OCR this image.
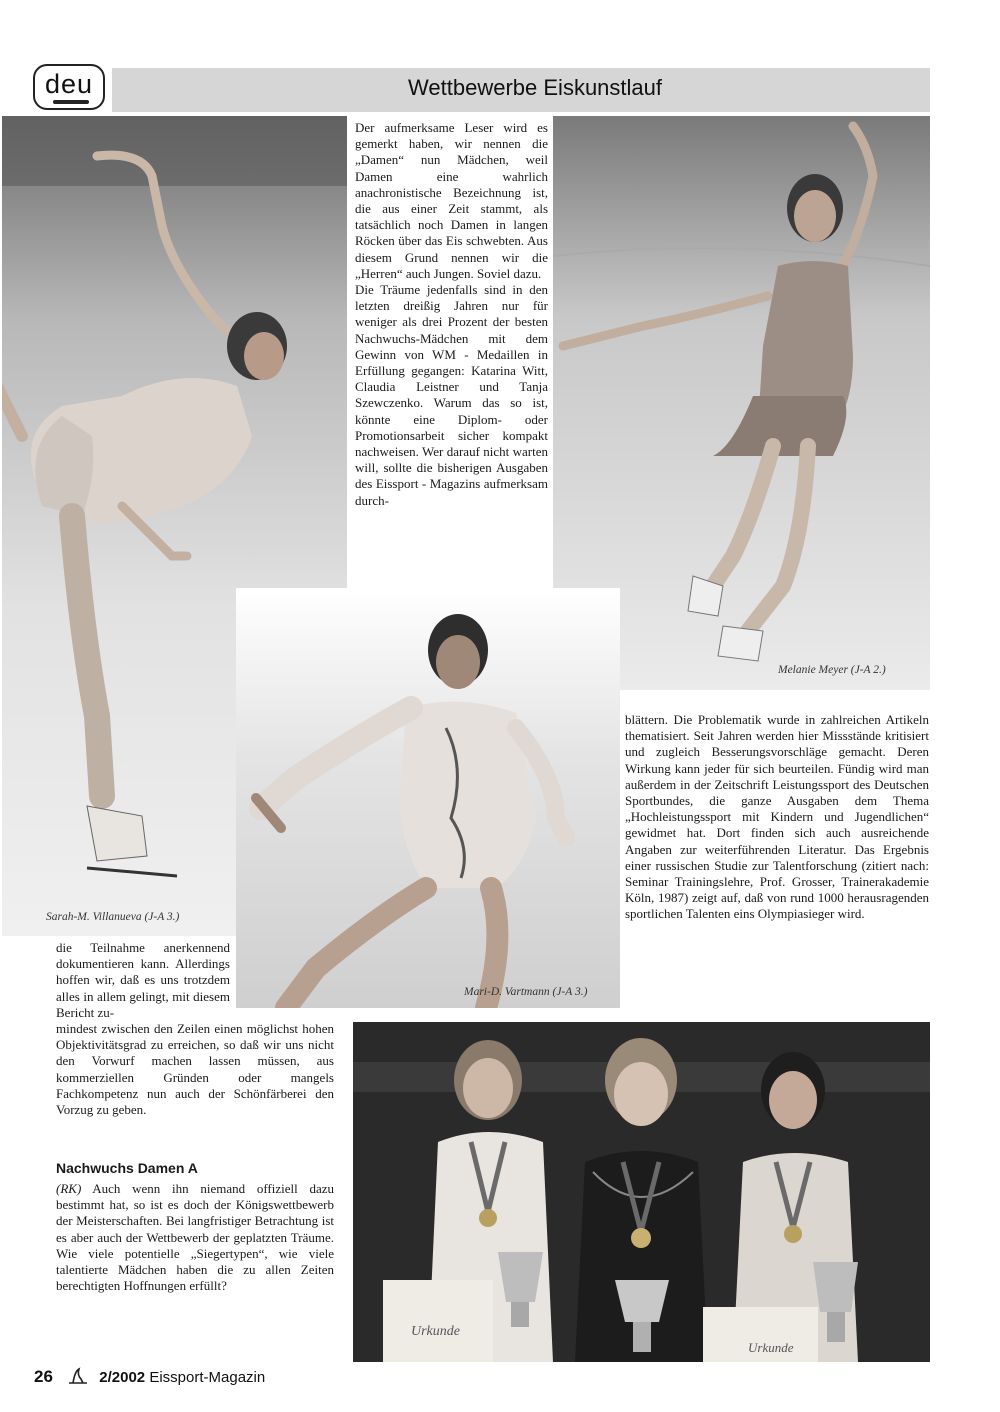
deu	Wettbewerbe Eiskunstlauf
Sarah-M. Villanueva (J-A 3.)
Melanie Meyer (J-A 2.)
Mari-D. Vartmann (J-A 3.)
Urkunde
Urkunde

Der aufmerksame Leser wird es gemerkt haben, wir nennen die „Damen“ nun Mädchen, weil Damen eine wahrlich anachronistische Bezeichnung ist, die aus einer Zeit stammt, als tatsächlich noch Damen in langen Röcken über das Eis schwebten. Aus diesem Grund nennen wir die „Herren“ auch Jungen. Soviel dazu.

Die Träume jedenfalls sind in den letzten dreißig Jahren nur für weniger als drei Prozent der besten Nachwuchs-Mädchen mit dem Gewinn von WM - Medaillen in Erfüllung gegangen: Katarina Witt, Claudia Leistner und Tanja Szewczenko. Warum das so ist, könnte eine Diplom- oder Promotionsarbeit sicher kompakt nachweisen. Wer darauf nicht warten will, sollte die bisherigen Ausgaben des Eissport - Magazins aufmerksam durch-

blättern. Die Problematik wurde in zahlreichen Artikeln thematisiert. Seit Jahren werden hier Missstände kritisiert und zugleich Besserungsvorschläge gemacht. Deren Wirkung kann jeder für sich beurteilen. Fündig wird man außerdem in der Zeitschrift Leistungssport des Deutschen Sportbundes, die ganze Ausgaben dem Thema „Hochleistungssport mit Kindern und Jugendlichen“ gewidmet hat. Dort finden sich auch ausreichende Angaben zur weiterführenden Literatur. Das Ergebnis einer russischen Studie zur Talentforschung (zitiert nach: Seminar Trainingslehre, Prof. Grosser, Trainerakademie Köln, 1987) zeigt auf, daß von rund 1000 herausragenden sportlichen Talenten eins Olympiasieger wird.

die Teilnahme anerkennend dokumentieren kann. Allerdings hoffen wir, daß es uns trotzdem alles in allem gelingt, mit diesem Bericht zu-

mindest zwischen den Zeilen einen möglichst hohen Objektivitätsgrad zu erreichen, so daß wir uns nicht den Vorwurf machen lassen müssen, aus kommerziellen Gründen oder mangels Fachkompetenz nun auch der Schönfärberei den Vorzug zu geben.

Nachwuchs Damen A

(RK) Auch wenn ihn niemand offiziell dazu bestimmt hat, so ist es doch der Königswettbewerb der Meisterschaften. Bei langfristiger Betrachtung ist es aber auch der Wettbewerb der geplatzten Träume. Wie viele potentielle „Siegertypen“, wie viele talentierte Mädchen haben die zu allen Zeiten berechtigten Hoffnungen erfüllt?

26	2/2002 Eissport-Magazin
